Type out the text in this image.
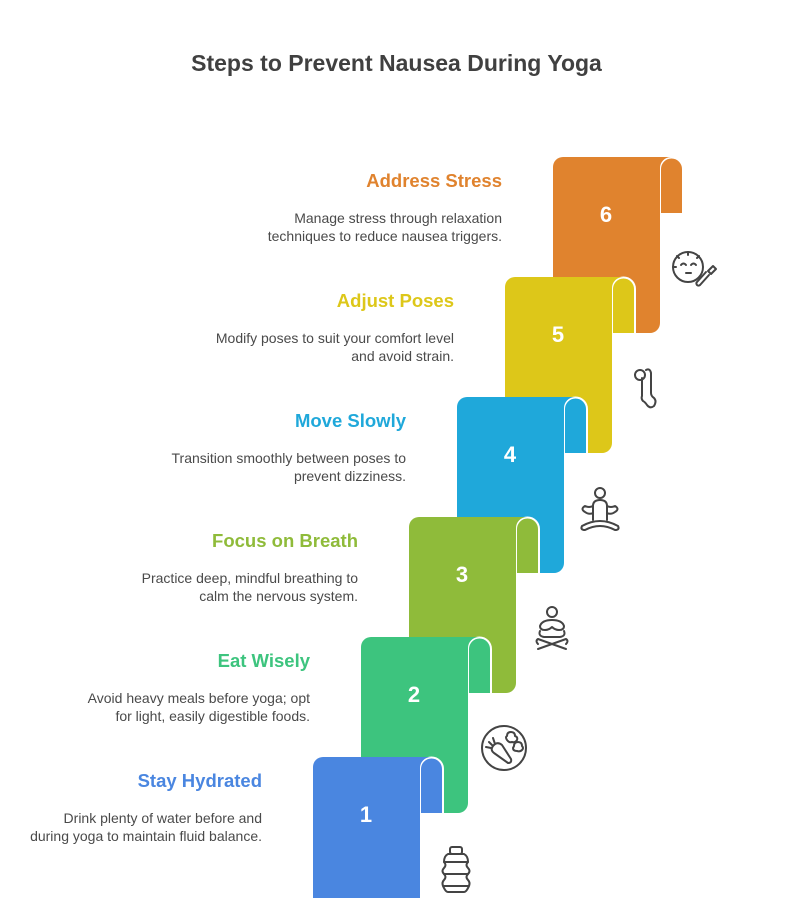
Steps to Prevent Nausea During Yoga
6
5
4
3
2
1

Address Stress

Manage stress through relaxation techniques to reduce nausea triggers.

Adjust Poses

Modify poses to suit your comfort level and avoid strain.

Move Slowly

Transition smoothly between poses to prevent dizziness.

Focus on Breath

Practice deep, mindful breathing to calm the nervous system.

Eat Wisely

Avoid heavy meals before yoga; opt for light, easily digestible foods.

Stay Hydrated

Drink plenty of water before and during yoga to maintain fluid balance.
